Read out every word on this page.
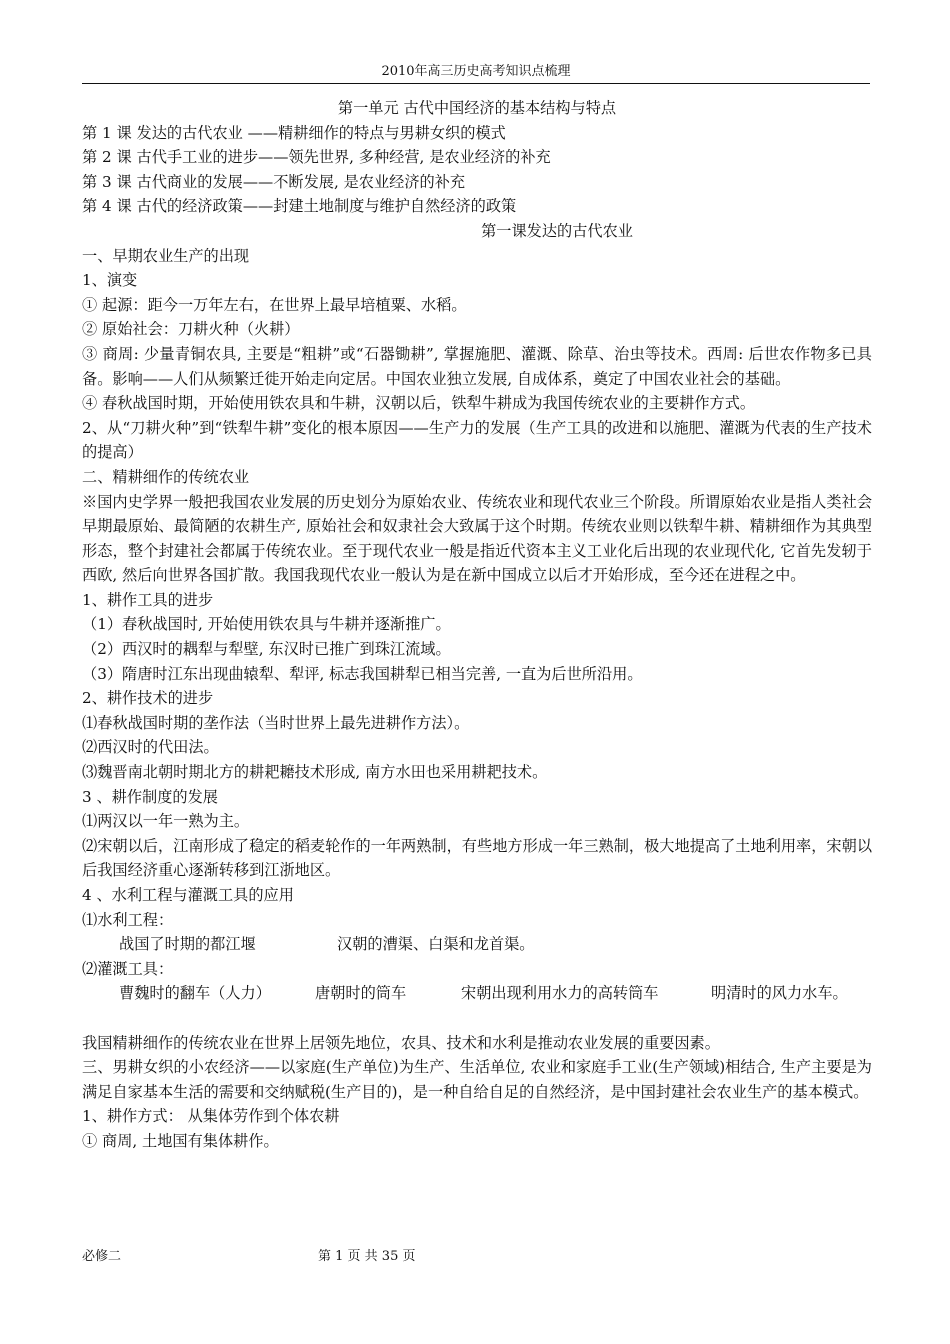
2010年高三历史高考知识点梳理
第一单元 古代中国经济的基本结构与特点
第 1 课 发达的古代农业 ——精耕细作的特点与男耕女织的模式
第 2 课 古代手工业的进步——领先世界, 多种经营, 是农业经济的补充
第 3 课 古代商业的发展——不断发展, 是农业经济的补充
第 4 课 古代的经济政策——封建土地制度与维护自然经济的政策
第一课发达的古代农业
一、早期农业生产的出现
1、演变
① 起源：距今一万年左右，在世界上最早培植粟、水稻。
② 原始社会：刀耕火种（火耕）
③ 商周: 少量青铜农具, 主要是“粗耕”或“石器锄耕”, 掌握施肥、灌溉、除草、治虫等技术。西周: 后世农作物多已具备。影响——人们从频繁迁徙开始走向定居。中国农业独立发展, 自成体系，奠定了中国农业社会的基础。
④ 春秋战国时期，开始使用铁农具和牛耕，汉朝以后，铁犁牛耕成为我国传统农业的主要耕作方式。
2、从“刀耕火种”到“铁犁牛耕”变化的根本原因——生产力的发展（生产工具的改进和以施肥、灌溉为代表的生产技术的提高）
二、精耕细作的传统农业
※国内史学界一般把我国农业发展的历史划分为原始农业、传统农业和现代农业三个阶段。所谓原始农业是指人类社会早期最原始、最简陋的农耕生产, 原始社会和奴隶社会大致属于这个时期。传统农业则以铁犁牛耕、精耕细作为其典型形态，整个封建社会都属于传统农业。至于现代农业一般是指近代资本主义工业化后出现的农业现代化, 它首先发轫于西欧, 然后向世界各国扩散。我国我现代农业一般认为是在新中国成立以后才开始形成，至今还在进程之中。
1、耕作工具的进步
（1）春秋战国时, 开始使用铁农具与牛耕并逐渐推广。
（2）西汉时的耦犁与犁壁, 东汉时已推广到珠江流域。
（3）隋唐时江东出现曲辕犁、犁评, 标志我国耕犁已相当完善, 一直为后世所沿用。
2、耕作技术的进步
⑴春秋战国时期的垄作法（当时世界上最先进耕作方法）。
⑵西汉时的代田法。
⑶魏晋南北朝时期北方的耕耙耱技术形成, 南方水田也采用耕耙技术。
3 、耕作制度的发展
⑴两汉以一年一熟为主。
⑵宋朝以后，江南形成了稳定的稻麦轮作的一年两熟制，有些地方形成一年三熟制，极大地提高了土地利用率，宋朝以后我国经济重心逐渐转移到江浙地区。
4 、水利工程与灌溉工具的应用
⑴水利工程：
战国了时期的都江堰	汉朝的漕渠、白渠和龙首渠。
⑵灌溉工具：
曹魏时的翻车（人力）	唐朝时的筒车	宋朝出现利用水力的高转筒车	明清时的风力水车。
我国精耕细作的传统农业在世界上居领先地位，农具、技术和水利是推动农业发展的重要因素。
三、男耕女织的小农经济——以家庭(生产单位)为生产、生活单位, 农业和家庭手工业(生产领域)相结合, 生产主要是为满足自家基本生活的需要和交纳赋税(生产目的)，是一种自给自足的自然经济，是中国封建社会农业生产的基本模式。
1、耕作方式： 从集体劳作到个体农耕
① 商周, 土地国有集体耕作。
必修二	第 1 页 共 35 页
